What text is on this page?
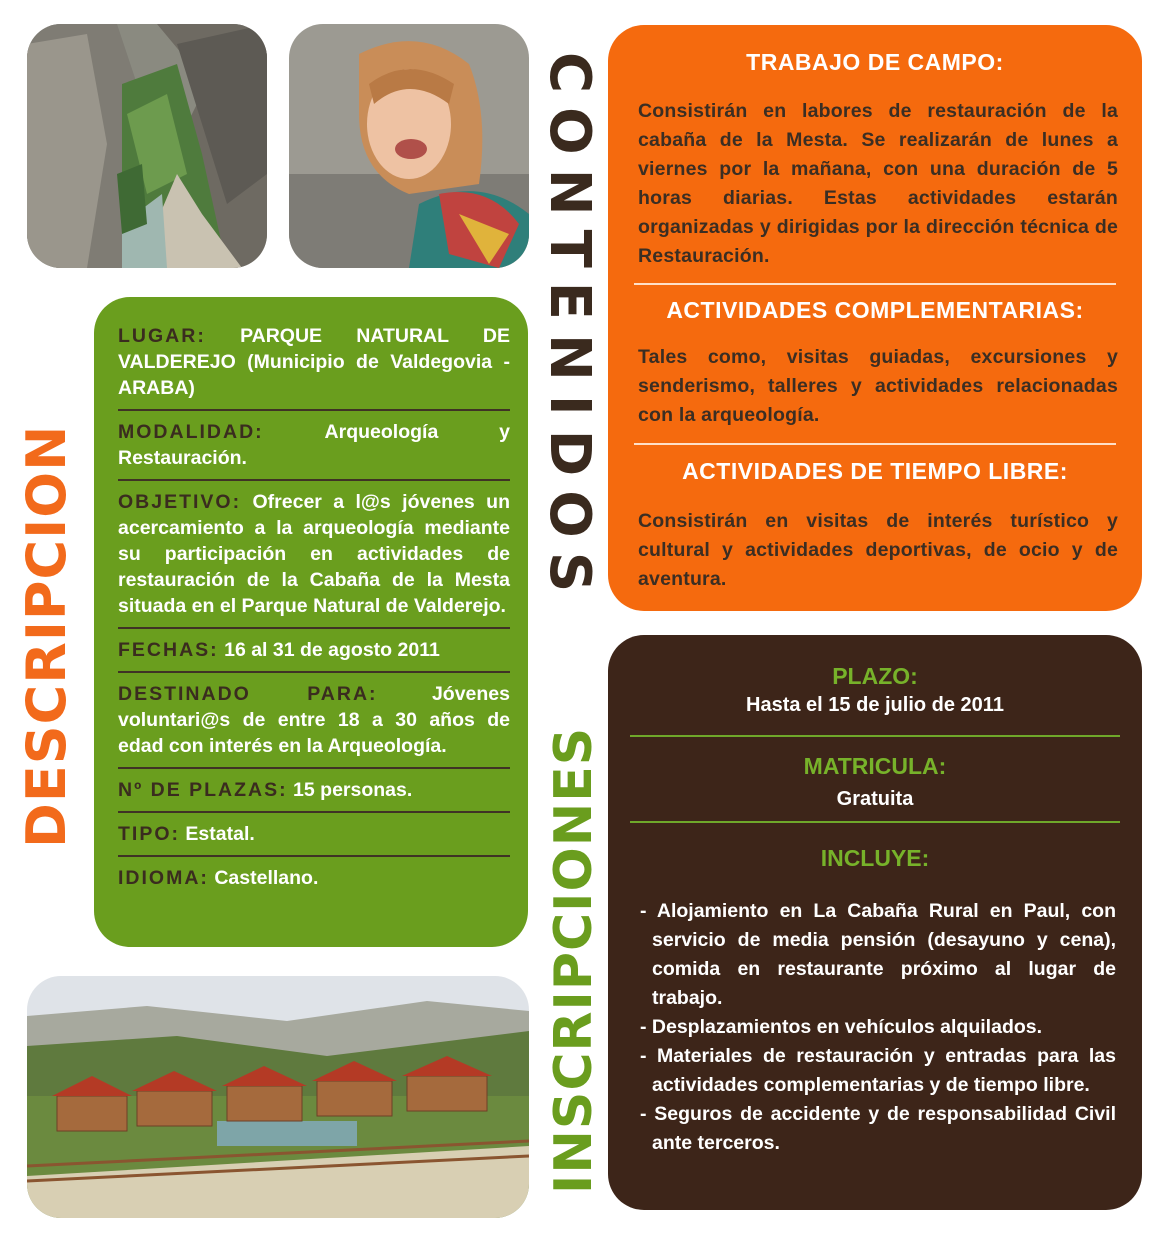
DESCRIPCION
INSCRIPCIONES
CONTENIDOS
LUGAR: PARQUE NATURAL DE VALDEREJO (Municipio de Valdegovia - ARABA)
MODALIDAD:	Arqueología y Restauración.
OBJETIVO: Ofrecer a l@s jóvenes un acercamiento a la arqueología mediante su participación en actividades de restauración de la Cabaña de la Mesta situada en el Parque Natural de Valderejo.
FECHAS: 16 al 31 de agosto 2011
DESTINADO PARA:	Jóvenes voluntari@s de entre 18 a 30 años de edad con interés en la Arqueología.
Nº DE PLAZAS: 15 personas.
TIPO: Estatal.
IDIOMA: Castellano.
TRABAJO DE CAMPO:
Consistirán en labores de restauración de la cabaña de la Mesta. Se realizarán de lunes a viernes por la mañana, con una duración de 5 horas diarias. Estas actividades estarán organizadas y dirigidas por la dirección técnica de Restauración.
ACTIVIDADES COMPLEMENTARIAS:
Tales como, visitas guiadas, excursiones y senderismo, talleres y actividades relacionadas con la arqueología.
ACTIVIDADES DE TIEMPO LIBRE:
Consistirán en visitas de interés turístico y cultural y actividades deportivas, de ocio y de aventura.
PLAZO:
Hasta el 15 de julio de 2011
MATRICULA:
Gratuita
INCLUYE:
- Alojamiento en La Cabaña Rural en Paul, con servicio de media pensión (desayuno y cena), comida en restaurante próximo al lugar de trabajo.
- Desplazamientos en vehículos alquilados.
- Materiales de restauración y entradas para las actividades complementarias y de tiempo libre.
- Seguros de accidente y de responsabilidad Civil ante terceros.
